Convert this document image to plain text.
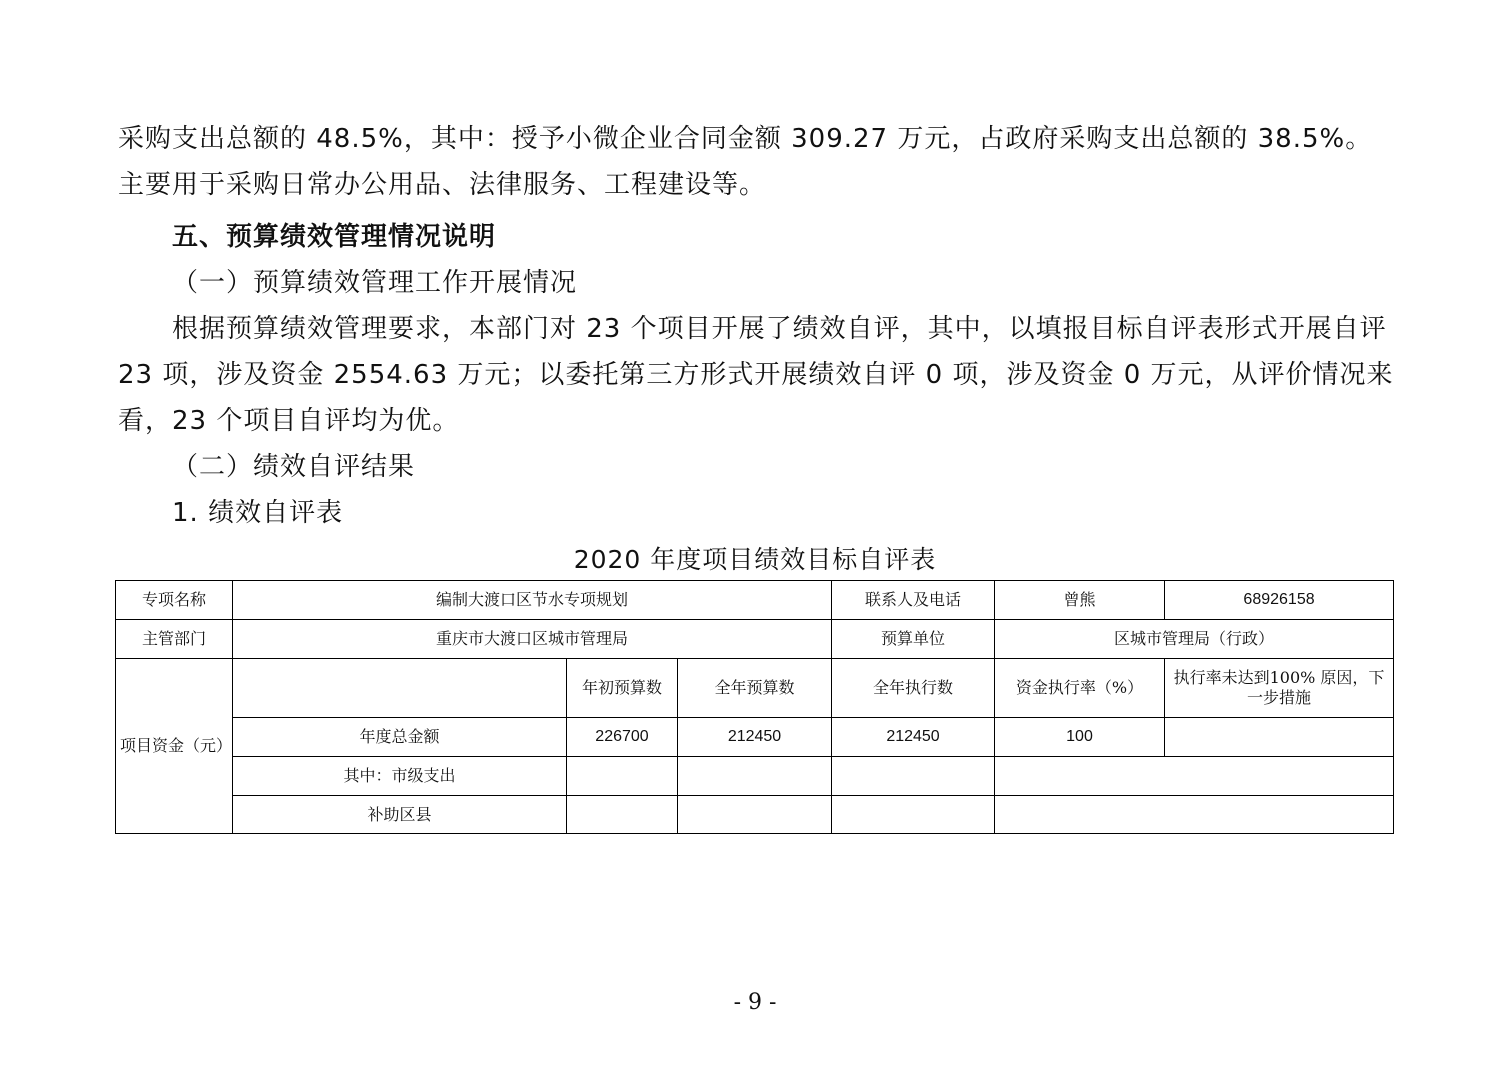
采购支出总额的 48.5%，其中：授予小微企业合同金额 309.27 万元，占政府采购支出总额的 38.5%。主要用于采购日常办公用品、法律服务、工程建设等。

五、预算绩效管理情况说明

（一）预算绩效管理工作开展情况

根据预算绩效管理要求，本部门对 23 个项目开展了绩效自评，其中，以填报目标自评表形式开展自评 23 项，涉及资金 2554.63 万元；以委托第三方形式开展绩效自评 0 项，涉及资金 0 万元，从评价情况来看，23 个项目自评均为优。

（二）绩效自评结果

1. 绩效自评表

2020 年度项目绩效目标自评表
专项名称	编制大渡口区节水专项规划			联系人及电话	曾熊	68926158
主管部门	重庆市大渡口区城市管理局			预算单位	区城市管理局（行政）	
项目资金（元）		年初预算数	全年预算数	全年执行数	资金执行率（%）	执行率未达到100% 原因，下一步措施
	年度总金额	226700	212450	212450	100	
	其中：市级支出					
	补助区县					
- 9 -
